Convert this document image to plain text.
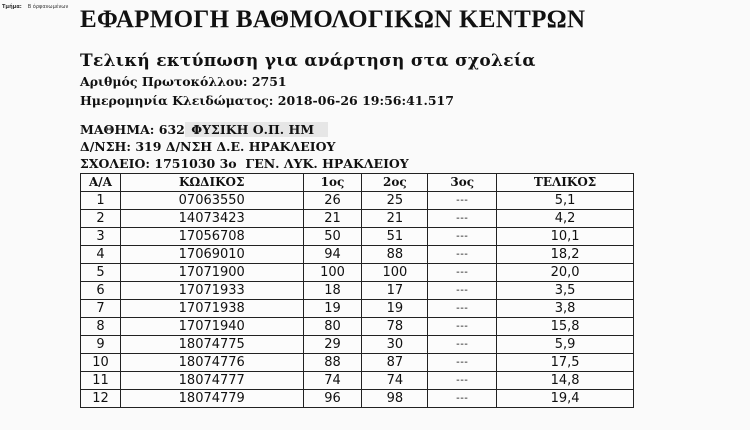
Τμήμα: Β όρφανωμένων ΕΦΑΡΜΟΓΗ ΒΑΘΜΟΛΟΓΙΚΩΝ ΚΕΝΤΡΩΝ
Τελική εκτύπωση για ανάρτηση στα σχολεία
Αριθμός Πρωτοκόλλου: 2751
Ημερομηνία Κλειδώματος: 2018-06-26 19:56:41.517
ΜΑΘΗΜΑ: 632 ΦΥΣΙΚΗ Ο.Π. ΗΜ
Δ/ΝΣΗ: 319 Δ/ΝΣΗ Δ.Ε. ΗΡΑΚΛΕΙΟΥ
ΣΧΟΛΕΙΟ: 1751030 3ο  ΓΕΝ. ΛΥΚ. ΗΡΑΚΛΕΙΟΥ
Α/Α	ΚΩΔΙΚΟΣ	1ος	2ος	3ος	ΤΕΛΙΚΟΣ
1	07063550	26	25	---	5,1
2	14073423	21	21	---	4,2
3	17056708	50	51	---	10,1
4	17069010	94	88	---	18,2
5	17071900	100	100	---	20,0
6	17071933	18	17	---	3,5
7	17071938	19	19	---	3,8
8	17071940	80	78	---	15,8
9	18074775	29	30	---	5,9
10	18074776	88	87	---	17,5
11	18074777	74	74	---	14,8
12	18074779	96	98	---	19,4
